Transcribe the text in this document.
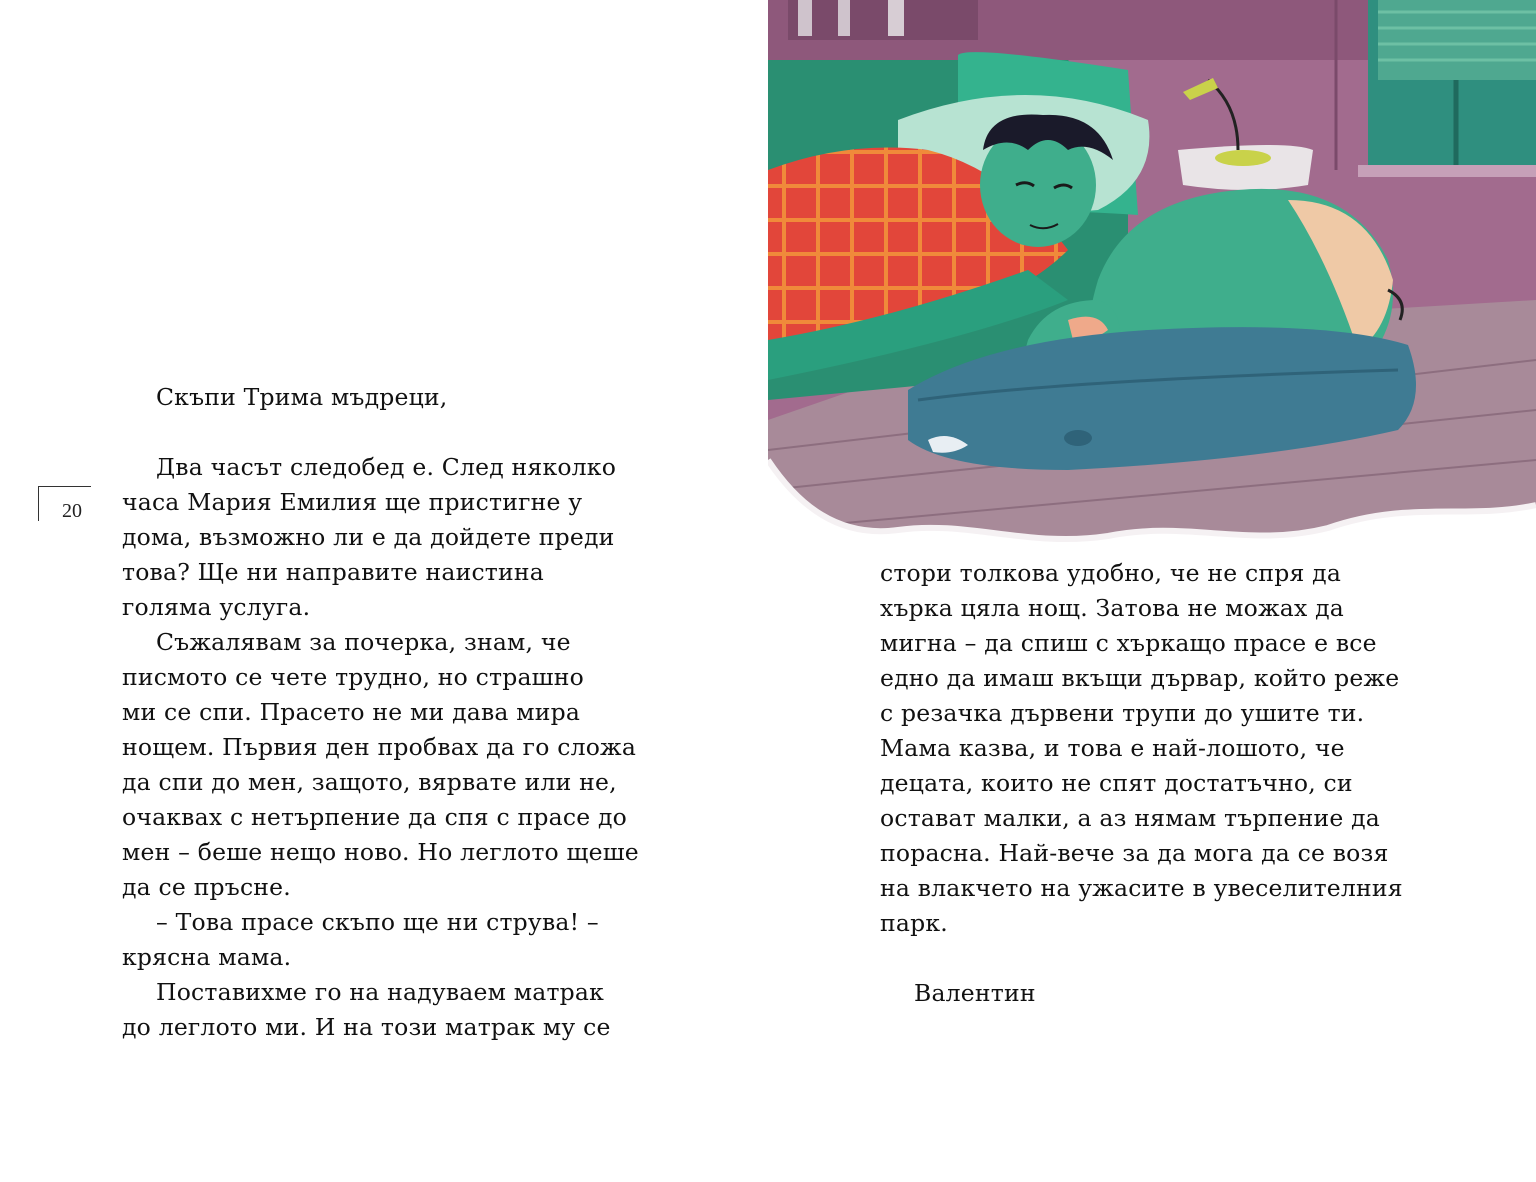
20
Скъпи Трима мъдреци,
Два часът следобед е. След няколко
часа Мария Емилия ще пристигне у
дома, възможно ли е да дойдете преди
това? Ще ни направите наистина
голяма услуга.
Съжалявам за почерка, знам, че
писмото се чете трудно, но страшно
ми се спи. Прасето не ми дава мира
нощем. Първия ден пробвах да го сложа
да спи до мен, защото, вярвате или не,
очаквах с нетърпение да спя с прасе до
мен – беше нещо ново. Но леглото щеше
да се пръсне.
– Това прасе скъпо ще ни струва! –
крясна мама.
Поставихме го на надуваем матрак
до леглото ми. И на този матрак му се
стори толкова удобно, че не спря да
хърка цяла нощ. Затова не можах да
мигна – да спиш с хъркащо прасе е все
едно да имаш вкъщи дървар, който реже
с резачка дървени трупи до ушите ти.
Мама казва, и това е най-лошото, че
децата, които не спят достатъчно, си
остават малки, а аз нямам търпение да
порасна. Най-вече за да мога да се возя
на влакчето на ужасите в увеселителния
парк.
Валентин
